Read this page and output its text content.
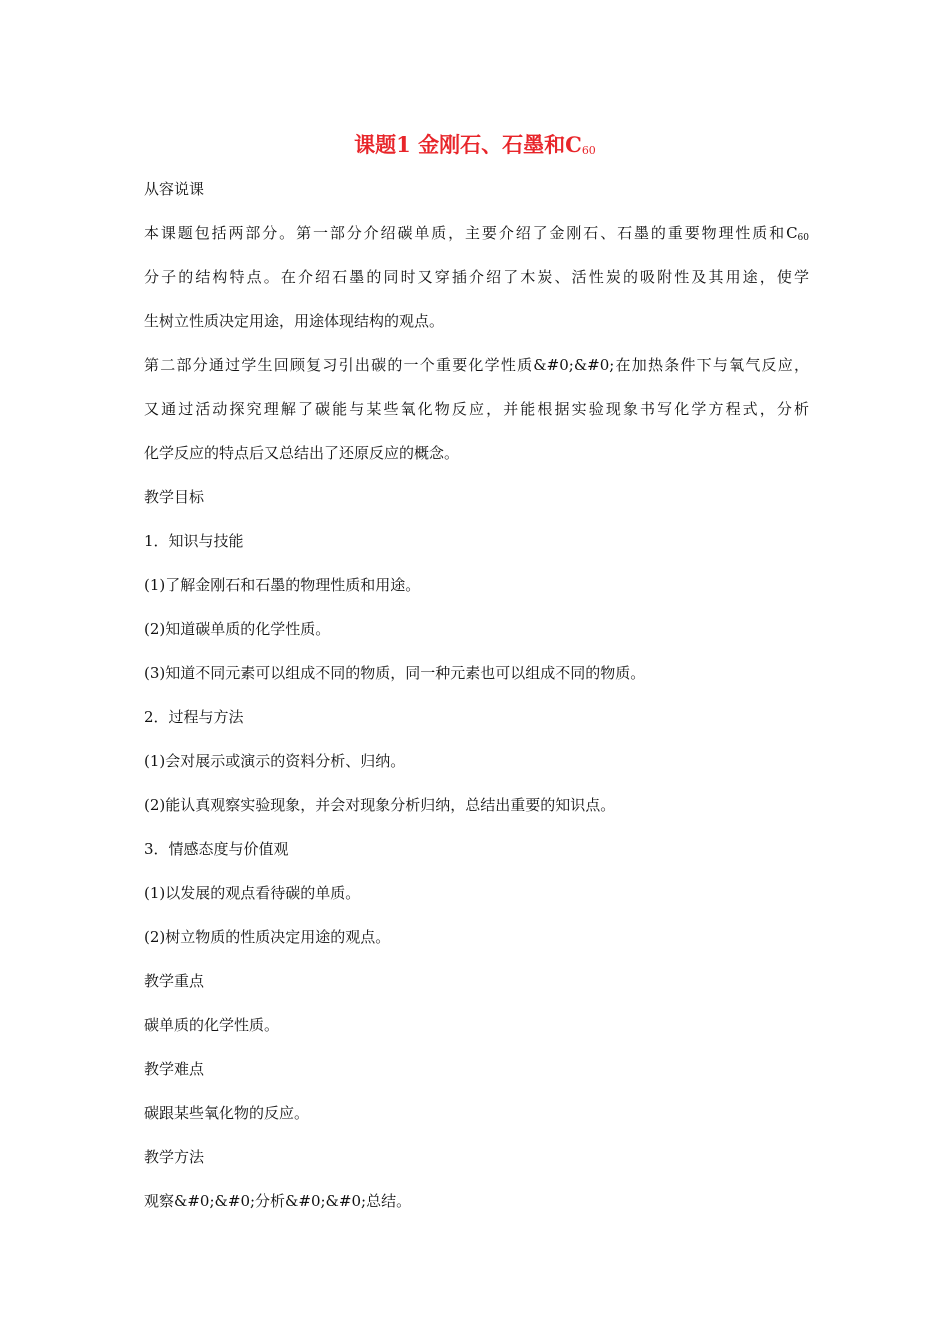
课题1 金刚石、石墨和$C_{60}$
从容说课
本课题包括两部分。第一部分介绍碳单质，主要介绍了金刚石、石墨的重要物理性质和C60
分子的结构特点。在介绍石墨的同时又穿插介绍了木炭、活性炭的吸附性及其用途，使学
生树立性质决定用途，用途体现结构的观点。
第二部分通过学生回顾复习引出碳的一个重要化学性质&#0;&#0;在加热条件下与氧气反应，
又通过活动探究理解了碳能与某些氧化物反应，并能根据实验现象书写化学方程式，分析
化学反应的特点后又总结出了还原反应的概念。
教学目标
1．知识与技能
(1)了解金刚石和石墨的物理性质和用途。
(2)知道碳单质的化学性质。
(3)知道不同元素可以组成不同的物质，同一种元素也可以组成不同的物质。
2．过程与方法
(1)会对展示或演示的资料分析、归纳。
(2)能认真观察实验现象，并会对现象分析归纳，总结出重要的知识点。
3．情感态度与价值观
(1)以发展的观点看待碳的单质。
(2)树立物质的性质决定用途的观点。
教学重点
碳单质的化学性质。
教学难点
碳跟某些氧化物的反应。
教学方法
观察&#0;&#0;分析&#0;&#0;总结。
